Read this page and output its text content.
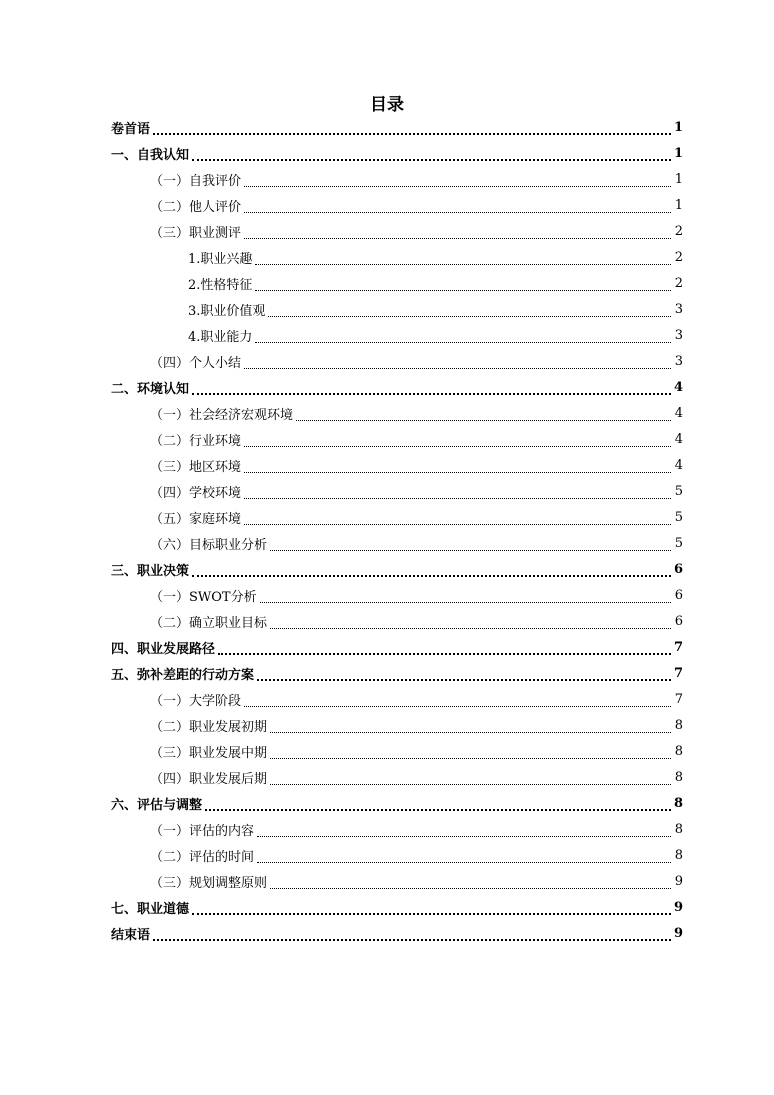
目录
卷首语	1
一、自我认知	1
（一）自我评价	1
（二）他人评价	1
（三）职业测评	2
1.职业兴趣	2
2.性格特征	2
3.职业价值观	3
4.职业能力	3
（四）个人小结	3
二、环境认知	4
（一）社会经济宏观环境	4
（二）行业环境	4
（三）地区环境	4
（四）学校环境	5
（五）家庭环境	5
（六）目标职业分析	5
三、职业决策	6
（一）SWOT分析	6
（二）确立职业目标	6
四、职业发展路径	7
五、弥补差距的行动方案	7
（一）大学阶段	7
（二）职业发展初期	8
（三）职业发展中期	8
（四）职业发展后期	8
六、评估与调整	8
（一）评估的内容	8
（二）评估的时间	8
（三）规划调整原则	9
七、职业道德	9
结束语	9
